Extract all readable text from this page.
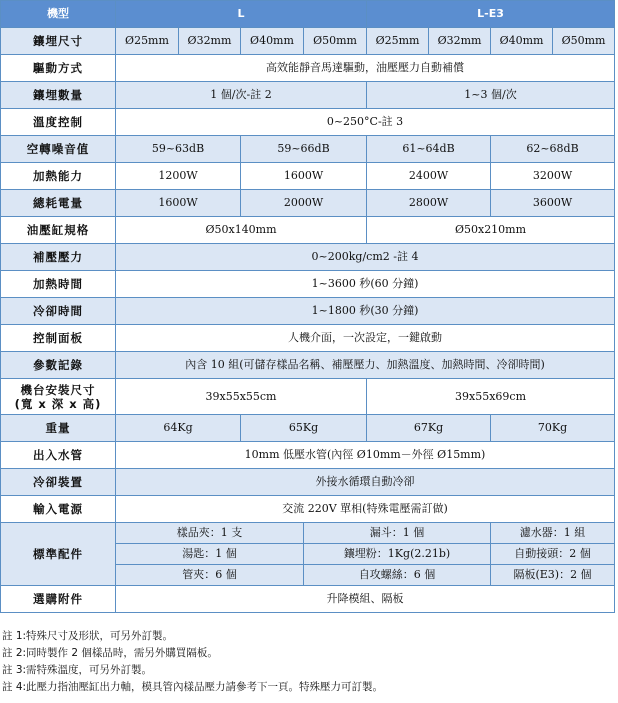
機型	L				L-E3			
鑲埋尺寸	Ø25mm	Ø32mm	Ø40mm	Ø50mm	Ø25mm	Ø32mm	Ø40mm	Ø50mm
驅動方式	高效能靜音馬達驅動，油壓壓力自動補償							
鑲埋數量	1 個/次-註 2				1~3 個/次			
溫度控制	0~250°C-註 3							
空轉噪音值	59~63dB		59~66dB		61~64dB		62~68dB	
加熱能力	1200W		1600W		2400W		3200W	
總耗電量	1600W		2000W		2800W		3600W	
油壓缸規格	Ø50x140mm				Ø50x210mm			
補壓壓力	0~200kg/cm2 -註 4							
加熱時間	1~3600 秒(60 分鐘)							
冷卻時間	1~1800 秒(30 分鐘)							
控制面板	人機介面，一次設定，一鍵啟動							
參數記錄	內含 10 組(可儲存樣品名稱、補壓壓力、加熱溫度、加熱時間、冷卻時間)							

機台安裝尺寸
(寬 x 深 x 高)	39x55x55cm				39x55x69cm			
重量	64Kg		65Kg		67Kg		70Kg	
出入水管	10mm 低壓水管(內徑 Ø10mm－外徑 Ø15mm)							
冷卻裝置	外接水循環自動冷卻							
輸入電源	交流 220V 單相(特殊電壓需訂做)							
標準配件	樣品夾：1 支			漏斗：1 個			濾水器：1 組	
	湯匙：1 個			鑲埋粉：1Kg(2.21b)			自動接頭：2 個	
	管夾：6 個			自攻螺絲：6 個			隔板(E3)：2 個	
選購附件	升降模組、隔板							
註 1:特殊尺寸及形狀，可另外訂製。
註 2:同時製作 2 個樣品時，需另外購買隔板。
註 3:需特殊溫度，可另外訂製。
註 4:此壓力指油壓缸出力軸，模具管內樣品壓力請參考下一頁。特殊壓力可訂製。
